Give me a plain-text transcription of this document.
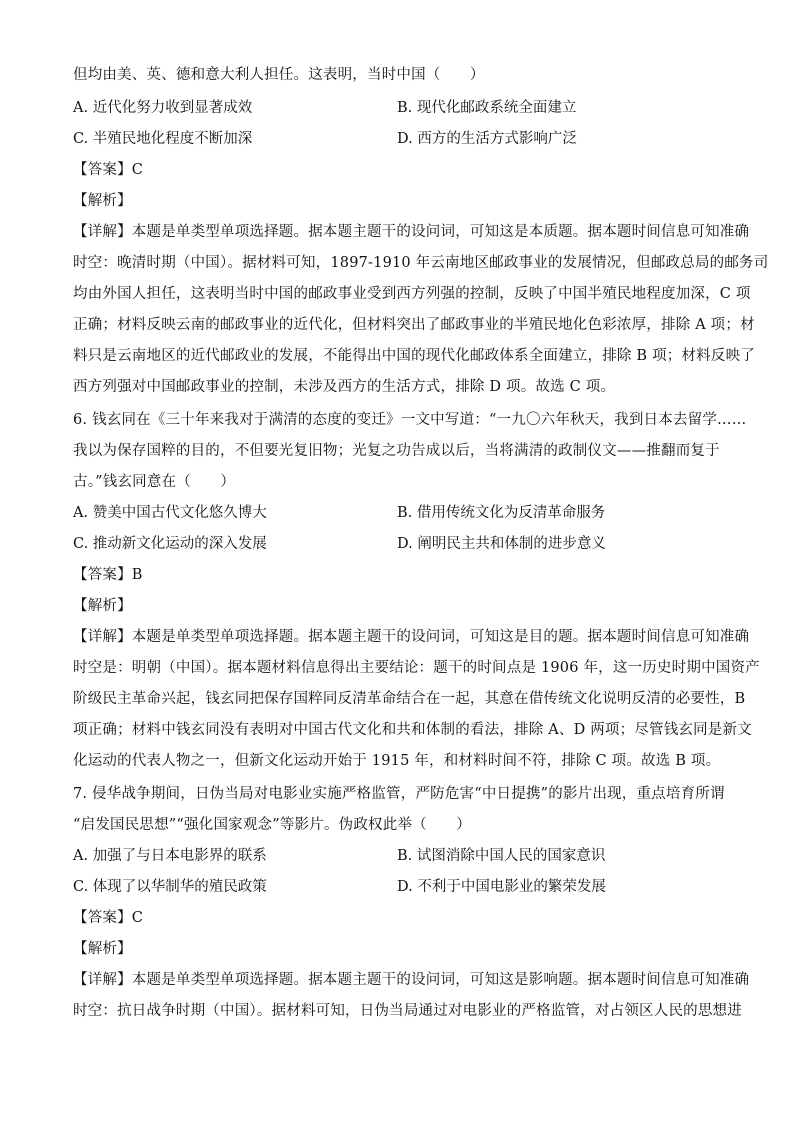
但均由美、英、德和意大利人担任。这表明，当时中国（　　）
A. 近代化努力收到显著成效	B. 现代化邮政系统全面建立
C. 半殖民地化程度不断加深	D. 西方的生活方式影响广泛
【答案】C
【解析】
【详解】本题是单类型单项选择题。据本题主题干的设问词，可知这是本质题。据本题时间信息可知准确
时空：晚清时期（中国）。据材料可知，1897-1910 年云南地区邮政事业的发展情况，但邮政总局的邮务司
均由外国人担任，这表明当时中国的邮政事业受到西方列强的控制，反映了中国半殖民地程度加深，C 项
正确；材料反映云南的邮政事业的近代化，但材料突出了邮政事业的半殖民地化色彩浓厚，排除 A 项；材
料只是云南地区的近代邮政业的发展，不能得出中国的现代化邮政体系全面建立，排除 B 项；材料反映了
西方列强对中国邮政事业的控制，未涉及西方的生活方式，排除 D 项。故选 C 项。
6. 钱玄同在《三十年来我对于满清的态度的变迁》一文中写道：“一九〇六年秋天，我到日本去留学……
我以为保存国粹的目的，不但要光复旧物；光复之功告成以后，当将满清的政制仪文——推翻而复于
古。”钱玄同意在（　　）
A. 赞美中国古代文化悠久博大	B. 借用传统文化为反清革命服务
C. 推动新文化运动的深入发展	D. 阐明民主共和体制的进步意义
【答案】B
【解析】
【详解】本题是单类型单项选择题。据本题主题干的设问词，可知这是目的题。据本题时间信息可知准确
时空是：明朝（中国）。据本题材料信息得出主要结论：题干的时间点是 1906 年，这一历史时期中国资产
阶级民主革命兴起，钱玄同把保存国粹同反清革命结合在一起，其意在借传统文化说明反清的必要性，B
项正确；材料中钱玄同没有表明对中国古代文化和共和体制的看法，排除 A、D 两项；尽管钱玄同是新文
化运动的代表人物之一，但新文化运动开始于 1915 年，和材料时间不符，排除 C 项。故选 B 项。
7. 侵华战争期间，日伪当局对电影业实施严格监管，严防危害“中日提携”的影片出现，重点培育所谓
“启发国民思想”“强化国家观念”等影片。伪政权此举（　　）
A. 加强了与日本电影界的联系	B. 试图消除中国人民的国家意识
C. 体现了以华制华的殖民政策	D. 不利于中国电影业的繁荣发展
【答案】C
【解析】
【详解】本题是单类型单项选择题。据本题主题干的设问词，可知这是影响题。据本题时间信息可知准确
时空：抗日战争时期（中国）。据材料可知，日伪当局通过对电影业的严格监管，对占领区人民的思想进
